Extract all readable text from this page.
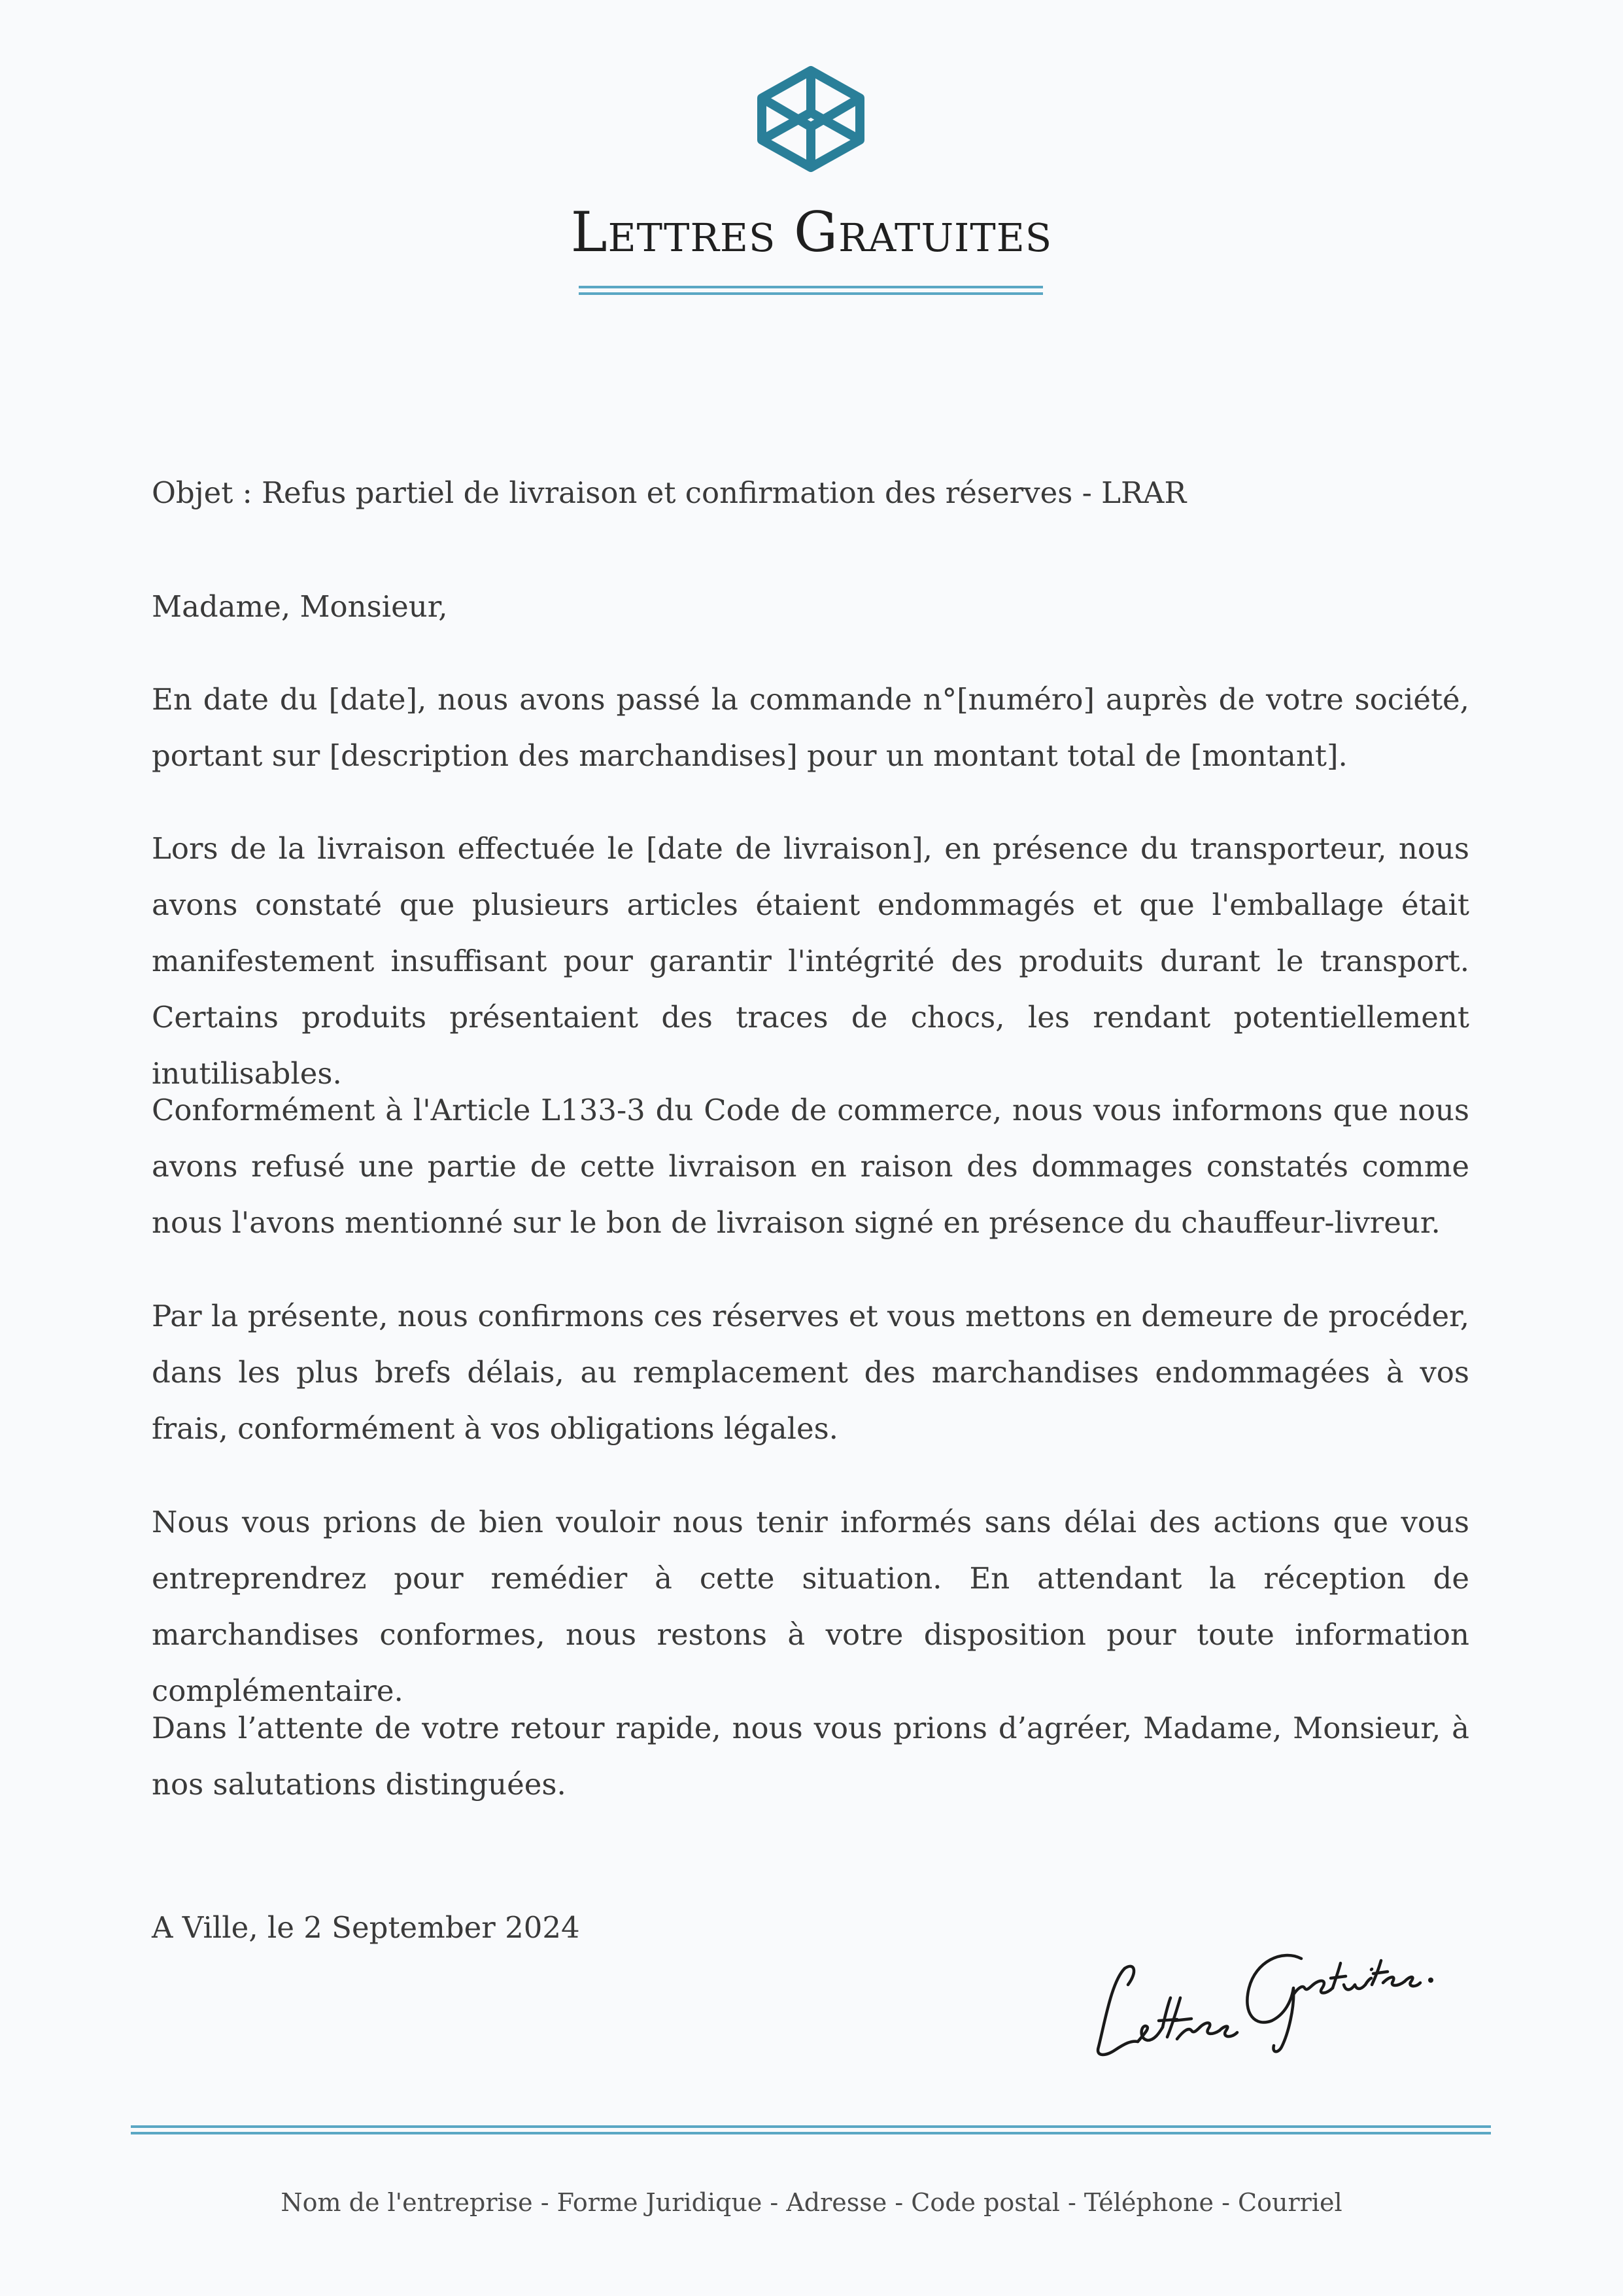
Lettres Gratuites
Objet : Refus partiel de livraison et confirmation des réserves - LRAR
Madame, Monsieur,

En date du [date], nous avons passé la commande n°[numéro] auprès de votre société, portant sur [description des marchandises] pour un montant total de [montant].

Lors de la livraison effectuée le [date de livraison], en présence du transporteur, nous avons constaté que plusieurs articles étaient endommagés et que l'emballage était manifestement insuffisant pour garantir l'intégrité des produits durant le transport. Certains produits présentaient des traces de chocs, les rendant potentiellement inutilisables.

Conformément à l'Article L133-3 du Code de commerce, nous vous informons que nous avons refusé une partie de cette livraison en raison des dommages constatés comme nous l'avons mentionné sur le bon de livraison signé en présence du chauffeur-livreur.

Par la présente, nous confirmons ces réserves et vous mettons en demeure de procéder, dans les plus brefs délais, au remplacement des marchandises endommagées à vos frais, conformément à vos obligations légales.

Nous vous prions de bien vouloir nous tenir informés sans délai des actions que vous entreprendrez pour remédier à cette situation. En attendant la réception de marchandises conformes, nous restons à votre disposition pour toute information complémentaire.

Dans l’attente de votre retour rapide, nous vous prions d’agréer, Madame, Monsieur, à nos salutations distinguées.

A Ville, le 2 September 2024
Nom de l'entreprise - Forme Juridique - Adresse - Code postal - Téléphone - Courriel
